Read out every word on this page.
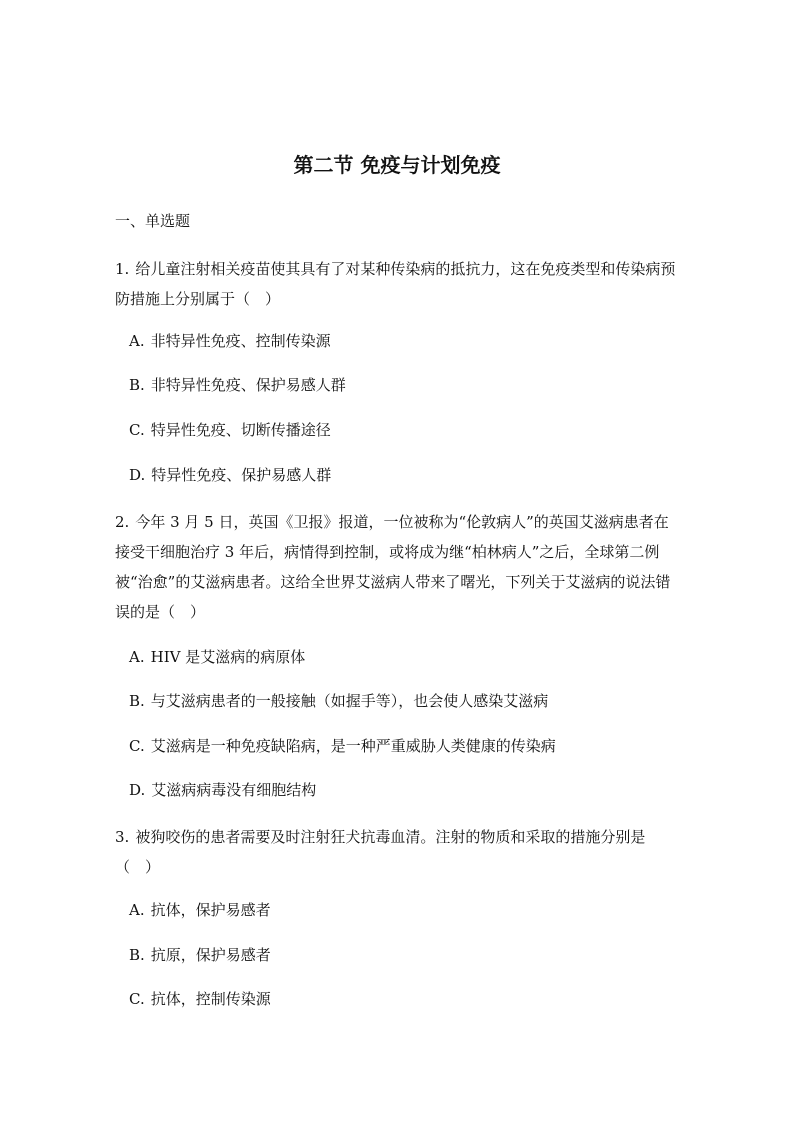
第二节 免疫与计划免疫
一、单选题
1. 给儿童注射相关疫苗使其具有了对某种传染病的抵抗力，这在免疫类型和传染病预防措施上分别属于（　）
A. 非特异性免疫、控制传染源
B. 非特异性免疫、保护易感人群
C. 特异性免疫、切断传播途径
D. 特异性免疫、保护易感人群
2. 今年 3 月 5 日，英国《卫报》报道，一位被称为“伦敦病人”的英国艾滋病患者在接受干细胞治疗 3 年后，病情得到控制，或将成为继“柏林病人”之后，全球第二例被“治愈”的艾滋病患者。这给全世界艾滋病人带来了曙光，下列关于艾滋病的说法错误的是（　）
A. HIV 是艾滋病的病原体
B. 与艾滋病患者的一般接触（如握手等），也会使人感染艾滋病
C. 艾滋病是一种免疫缺陷病，是一种严重威胁人类健康的传染病
D. 艾滋病病毒没有细胞结构
3. 被狗咬伤的患者需要及时注射狂犬抗毒血清。注射的物质和采取的措施分别是（　）
A. 抗体，保护易感者
B. 抗原，保护易感者
C. 抗体，控制传染源
